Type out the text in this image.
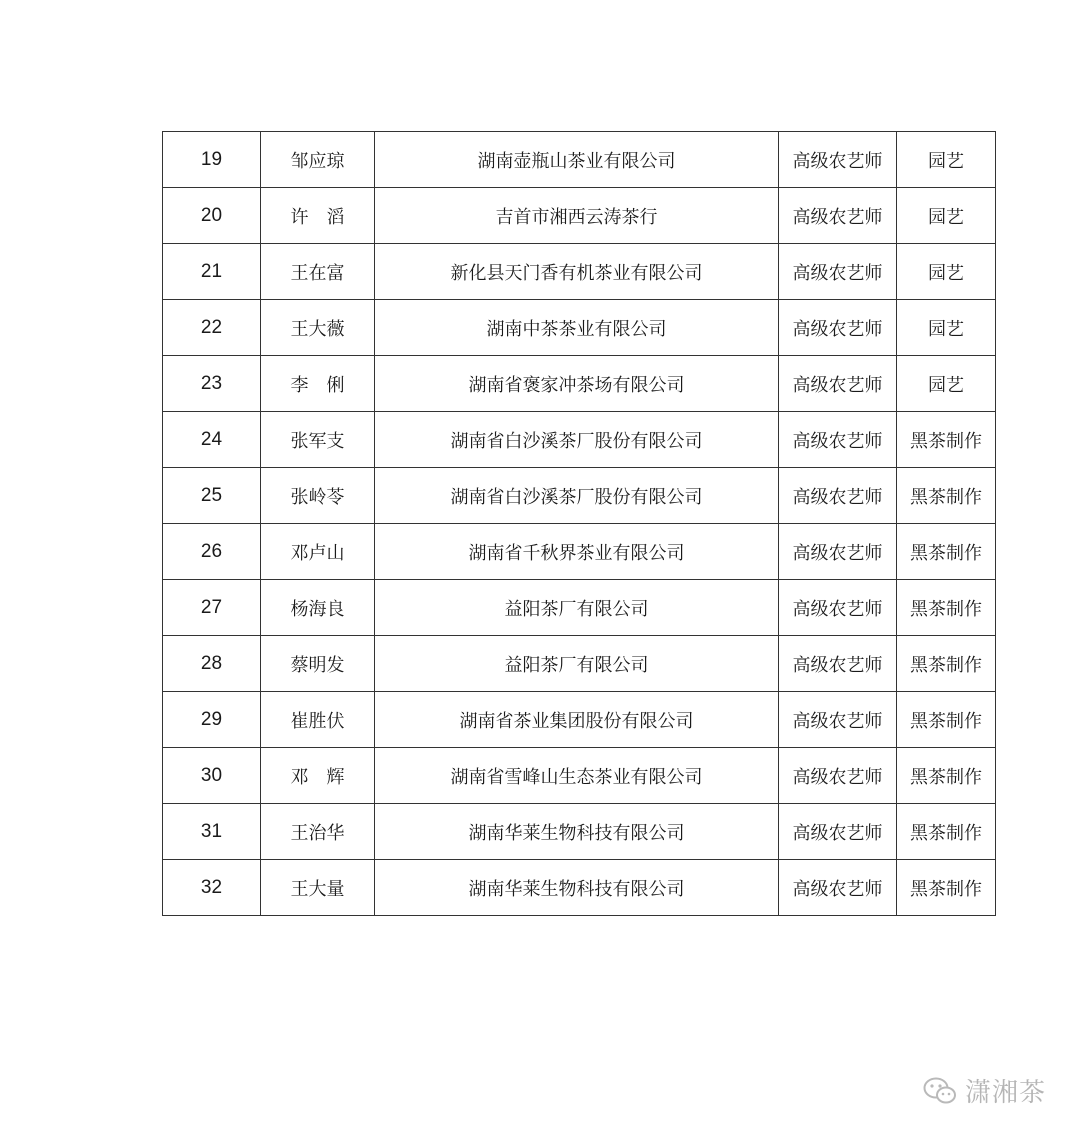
19	邹应琼	湖南壶瓶山茶业有限公司	高级农艺师	园艺
20	许　滔	吉首市湘西云涛茶行	高级农艺师	园艺
21	王在富	新化县天门香有机茶业有限公司	高级农艺师	园艺
22	王大薇	湖南中茶茶业有限公司	高级农艺师	园艺
23	李　俐	湖南省褒家冲茶场有限公司	高级农艺师	园艺
24	张军支	湖南省白沙溪茶厂股份有限公司	高级农艺师	黑茶制作
25	张岭苓	湖南省白沙溪茶厂股份有限公司	高级农艺师	黑茶制作
26	邓卢山	湖南省千秋界茶业有限公司	高级农艺师	黑茶制作
27	杨海良	益阳茶厂有限公司	高级农艺师	黑茶制作
28	蔡明发	益阳茶厂有限公司	高级农艺师	黑茶制作
29	崔胜伏	湖南省茶业集团股份有限公司	高级农艺师	黑茶制作
30	邓　辉	湖南省雪峰山生态茶业有限公司	高级农艺师	黑茶制作
31	王治华	湖南华莱生物科技有限公司	高级农艺师	黑茶制作
32	王大量	湖南华莱生物科技有限公司	高级农艺师	黑茶制作
潇湘茶
